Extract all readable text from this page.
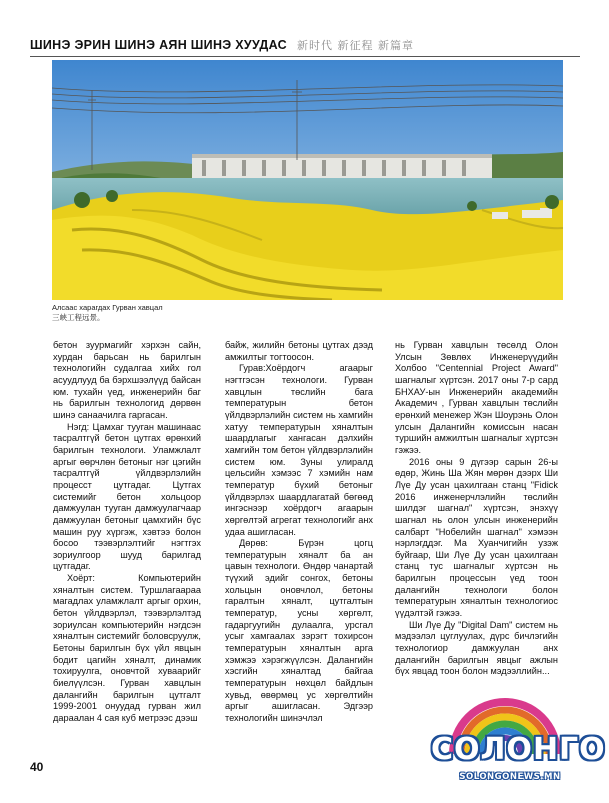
ШИНЭ ЭРИН ШИНЭ АЯН ШИНЭ ХУУДАС 新时代 新征程 新篇章
Алсаас харагдах Гурван хавцал
三峡工程远景。

бетон зуурмагийг хэрхэн сайн, хурдан барьсан нь барилгын технологийн судалгаа хийх гол асуудлууд ба бэрхшээлүүд байсан юм. тухайн үед, инженерийн баг нь барилгын технологид дөрвөн шинэ санаачилга гаргасан.

Нэгд: Цамхаг тууган машинаас тасралтгүй бетон цутгах өрөнхий барилгын технологи. Уламжлалт аргыг өөрчлөн бетоныг нэг цэгийн тасралтгүй үйлдвэрлэлийн процесст цутгадаг. Цутгах системийг бетон хольцоор дамжуулан тууган дамжуулагчаар дамжуулан бетоныг цамхгийн бүс машин руу хүргэж, хэвтээ болон босоо тээвэрлэлтийг нэгтгэх зориулгоор шууд барилгад цутгадаг.

Хоёрт: Компьютерийн хяналтын систем. Туршлагаараа магадлах уламжлалт аргыг орхин, бетон үйлдвэрлэл, тээвэрлэлтэд зориулсан компьютерийн нэгдсэн хяналтын системийг боловсруулж, Бетоны барилгын бүх үйл явцын бодит цагийн хяналт, динамик тохируулга, оновчтой хуваарийг биелүүлсэн. Гурван хавцлын далангийн барилгын цутгалт 1999-2001 онуудад гурван жил дараалан 4 сая куб метрээс дээш

байж, жилийн бетоны цутгах дээд амжилтыг тогтоосон.

Гурав:Хоёрдогч агаарыг нэгтгэсэн технологи. Гурван хавцлын төслийн бага температурын бетон үйлдвэрлэлийн систем нь хамгийн хатуу температурын хяналтын шаардлагыг хангасан дэлхийн хамгийн том бетон үйлдвэрлэлийн систем юм. Зуны улиралд цельсийн хэмээс 7 хэмийн нам температур бүхий бетоныг үйлдвэрлэх шаардлагатай бөгөөд ингэснээр хоёрдогч агаарын хөргөлтэй агрегат технологийг анх удаа ашигласан.

Дөрөв: Бүрэн цогц температурын хяналт ба ан цавын технологи. Өндөр чанартай түүхий эдийг сонгох, бетоны хольцын оновчлол, бетоны гаралтын хяналт, цутгалтын температур, усны хөргөлт, гадаргуугийн дулаалга, урсгал усыг хамгаалах зэрэгт тохирсон температурын хяналтын арга хэмжээ хэрэгжүүлсэн. Далангийн хэсгийн хяналтад байгаа температурын нөхцөл байдлын хувьд, өвөрмөц ус хөргөлтийн аргыг ашигласан. Эдгээр технологийн шинэчлэл

нь Гурван хавцлын төсөлд Олон Улсын Зөвлөх Инженерүүдийн Холбоо "Centennial Project Award" шагналыг хүртсэн. 2017 оны 7-р сард БНХАУ-ын Инженерийн академийн Академич , Гурван хавцлын төслийн ерөнхий менежер Жэн Шоурэнь Олон улсын Далангийн комиссын насан туршийн амжилтын шагналыг хүртсэн гэжээ.

2016 оны 9 дүгээр сарын 26-ы өдөр, Жинь Ша Жян мөрөн дээрх Ши Лүе Ду усан цахилгаан станц "Fidick 2016 инженерчлэлийн төслийн шилдэг шагнал" хүртсэн, энэхүү шагнал нь олон улсын инженерийн салбарт "Нобелийн шагнал" хэмээн нэрлэгддэг. Ма Хуанчигийн узэж буйгаар, Ши Лүе Ду усан цахилгаан станц тус шагналыг хүртсэн нь барилгын процессын үед тоон далангийн технологи болон температурын хяналтын технологиос үүдэлтэй гэжээ.

Ши Лүе Ду "Digital Dam" систем нь мэдээлэл цуглуулах, дүрс бичлэгийн технологиор дамжуулан анх далангийн барилгын явцыг ажлын бүх явцад тоон болон мэдээллийн...

40	СОЛОНГО
SOLONGONEWS.MN
